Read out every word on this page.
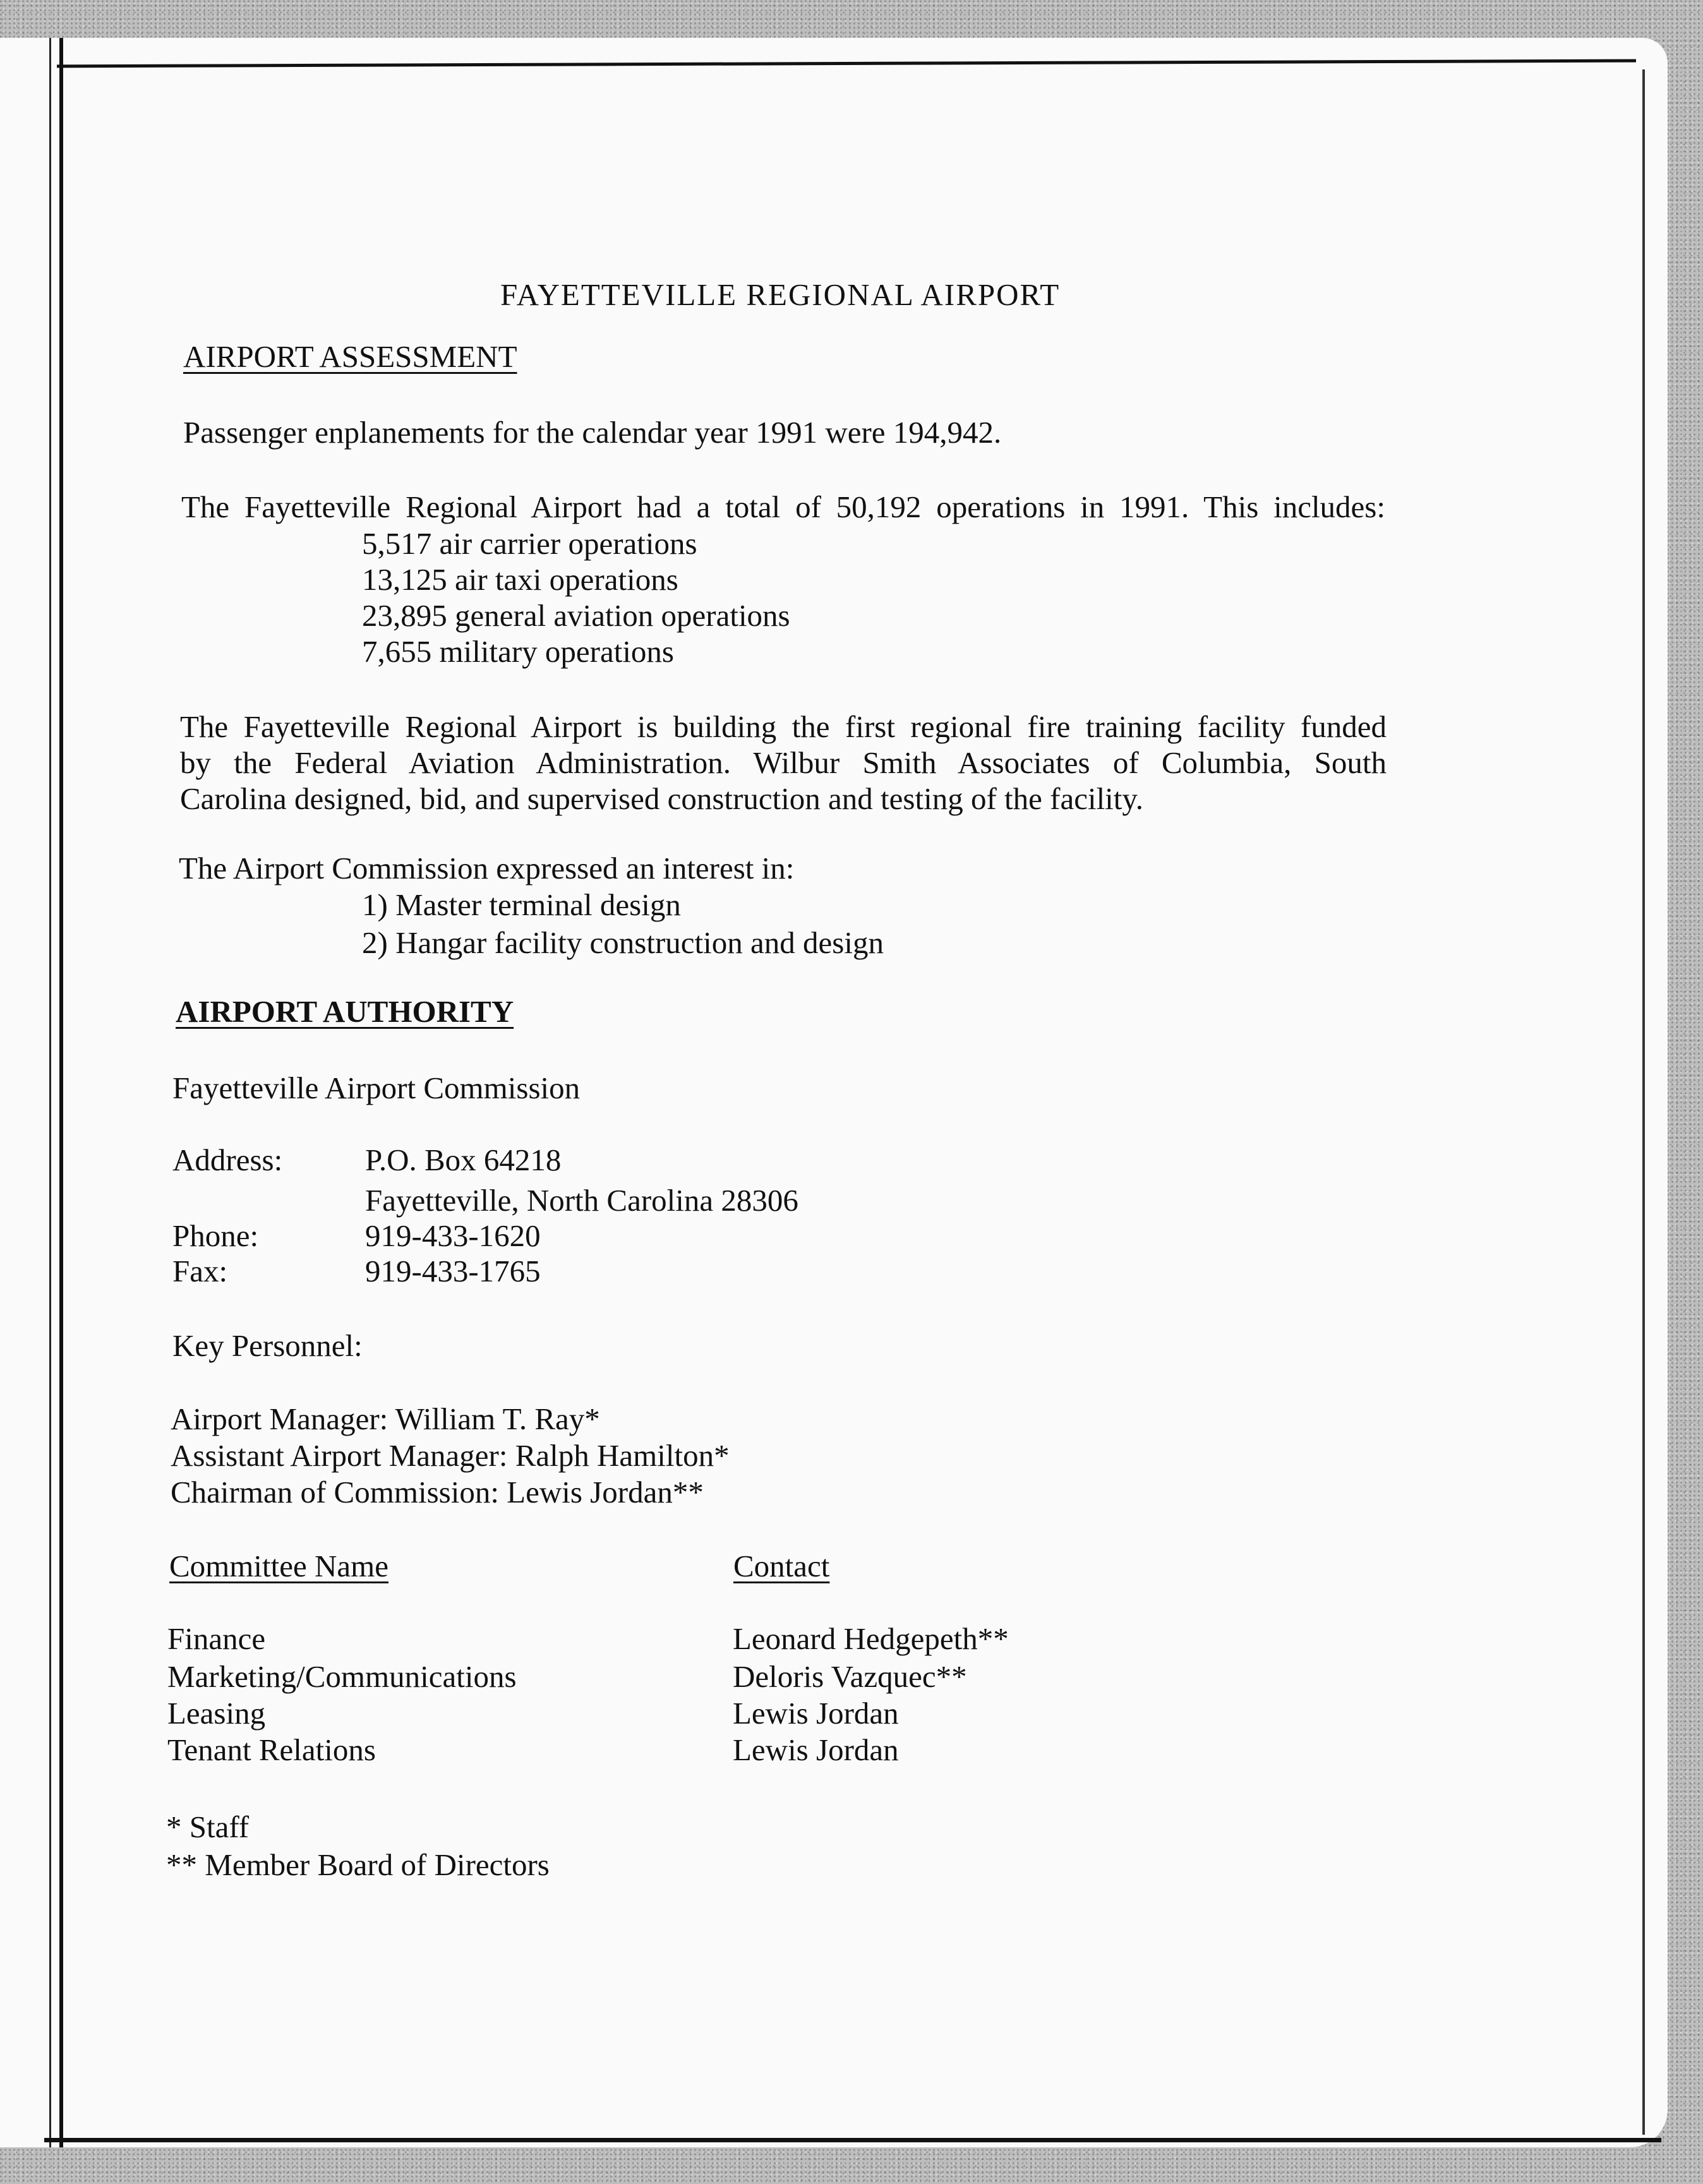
FAYETTEVILLE REGIONAL AIRPORT
AIRPORT ASSESSMENT
Passenger enplanements for the calendar year 1991 were 194,942.
The Fayetteville Regional Airport had a total of 50,192 operations in 1991. This includes:
5,517 air carrier operations
13,125 air taxi operations
23,895 general aviation operations
7,655 military operations
The Fayetteville Regional Airport is building the first regional fire training facility funded
by the Federal Aviation Administration. Wilbur Smith Associates of Columbia, South
Carolina designed, bid, and supervised construction and testing of the facility.
The Airport Commission expressed an interest in:
1) Master terminal design
2) Hangar facility construction and design
AIRPORT AUTHORITY
Fayetteville Airport Commission
Address:	P.O. Box 64218
Fayetteville, North Carolina 28306
Phone:	919-433-1620
Fax:	919-433-1765
Key Personnel:
Airport Manager: William T. Ray*
Assistant Airport Manager: Ralph Hamilton*
Chairman of Commission: Lewis Jordan**
Committee Name	Contact
Finance	Leonard Hedgepeth**
Marketing/Communications	Deloris Vazquec**
Leasing	Lewis Jordan
Tenant Relations	Lewis Jordan
* Staff
** Member Board of Directors
